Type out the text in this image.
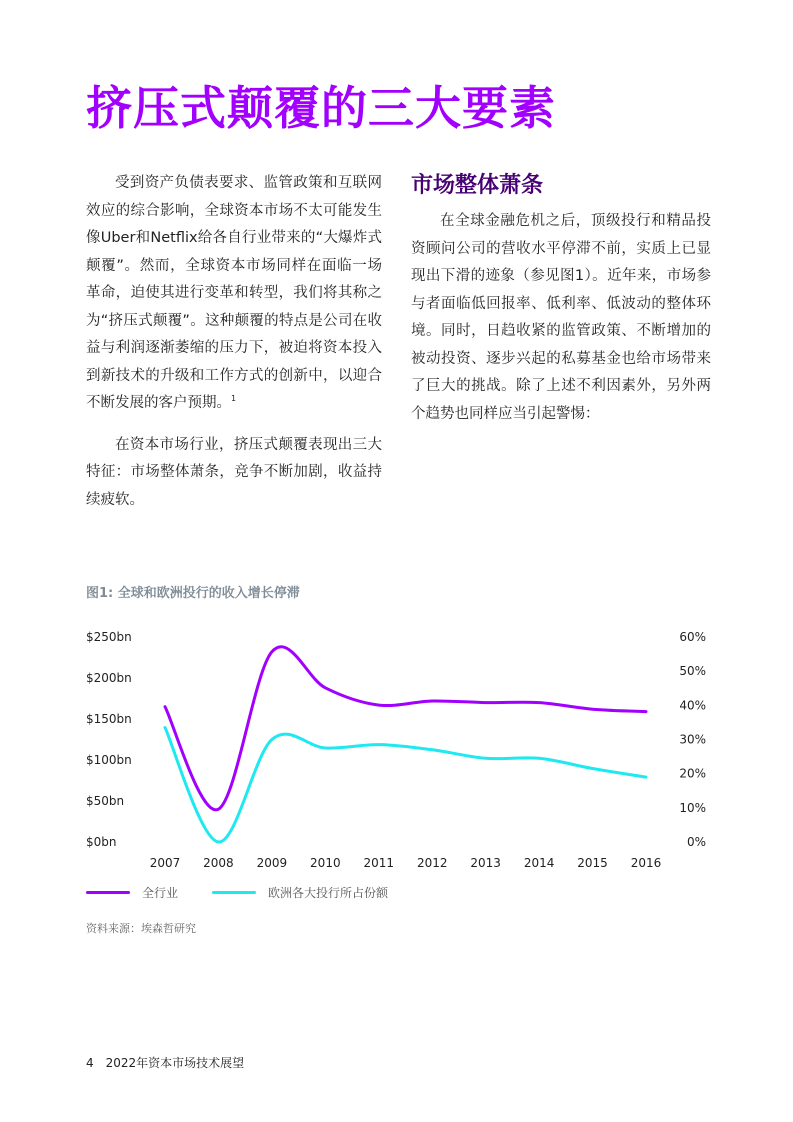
挤压式颠覆的三大要素

受到资产负债表要求、监管政策和互联网效应的综合影响，全球资本市场不太可能发生像Uber和Netflix给各自行业带来的“大爆炸式颠覆”。然而，全球资本市场同样在面临一场革命，迫使其进行变革和转型，我们将其称之为“挤压式颠覆”。这种颠覆的特点是公司在收益与利润逐渐萎缩的压力下，被迫将资本投入到新技术的升级和工作方式的创新中，以迎合不断发展的客户预期。$^1$

在资本市场行业，挤压式颠覆表现出三大特征：市场整体萧条，竞争不断加剧，收益持续疲软。

市场整体萧条

在全球金融危机之后，顶级投行和精品投资顾问公司的营收水平停滞不前，实质上已显现出下滑的迹象（参见图1）。近年来，市场参与者面临低回报率、低利率、低波动的整体环境。同时，日趋收紧的监管政策、不断增加的被动投资、逐步兴起的私募基金也给市场带来了巨大的挑战。除了上述不利因素外，另外两个趋势也同样应当引起警惕：

图1: 全球和欧洲投行的收入增长停滞
$0bn
$50bn
$100bn
$150bn
$200bn
$250bn
0%
10%
20%
30%
40%
50%
60%
2007 2008 2009 2010 2011 2012 2013 2014 2015 2016
全行业	欧洲各大投行所占份额
资料来源：埃森哲研究
4 2022年资本市场技术展望
